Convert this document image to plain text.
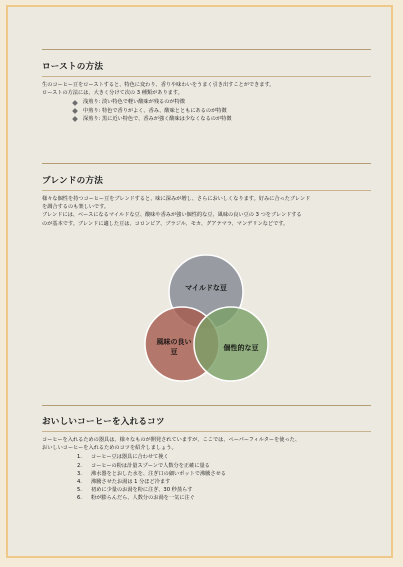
ローストの方法

生のコーヒー豆をローストすると、特色に変わり、香りや味わいをうまく引き出すことができます。

ローストの方法には、大きく分けて次の 3 種類があります。

浅煎り: 淡い特色で軽い酸味が残るのが特徴
中煎り: 特色で香りがよく、香み、酸味とともにあるのが特徴
深煎り: 黒に近い特色で、香みが強く酸味は少なくなるのが特徴
ブレンドの方法

様々な個性を持つコーヒー豆をブレンドすると、味に深みが増し、さらにおいしくなります。好みに合ったブレンド

を調合するのも楽しいです。

ブレンドには、ベースになるマイルドな豆、酸味や香みが強い個性的な豆、風味の良い豆の 3 つをブレンドする

のが基本です。ブレンドに適した豆は、コロンビア、ブラジル、モカ、グアテマラ、マンデリンなどです。

マイルドな豆
風味の良い
豆	個性的な豆
おいしいコーヒーを入れるコツ

コーヒーを入れるための器具は、様々なものが開発されていますが、ここでは、ペーパーフィルターを使った、

おいしいコーヒーを入れるためのコツを紹介しましょう。

1.	コーヒー豆は器具に合わせて挽く
2.	コーヒーの粉は計量スプーンで人数分を正確に量る
3.	沸水器をとおした水を、注ぎ口の細いポットで沸騰させる
4.	沸騰させたお湯は 1 分ほど冷ます
5.	初めに少量のお湯を粉に注ぎ、30 秒蒸らす
6.	粉が膨らんだら、人数分のお湯を一気に注ぐ
